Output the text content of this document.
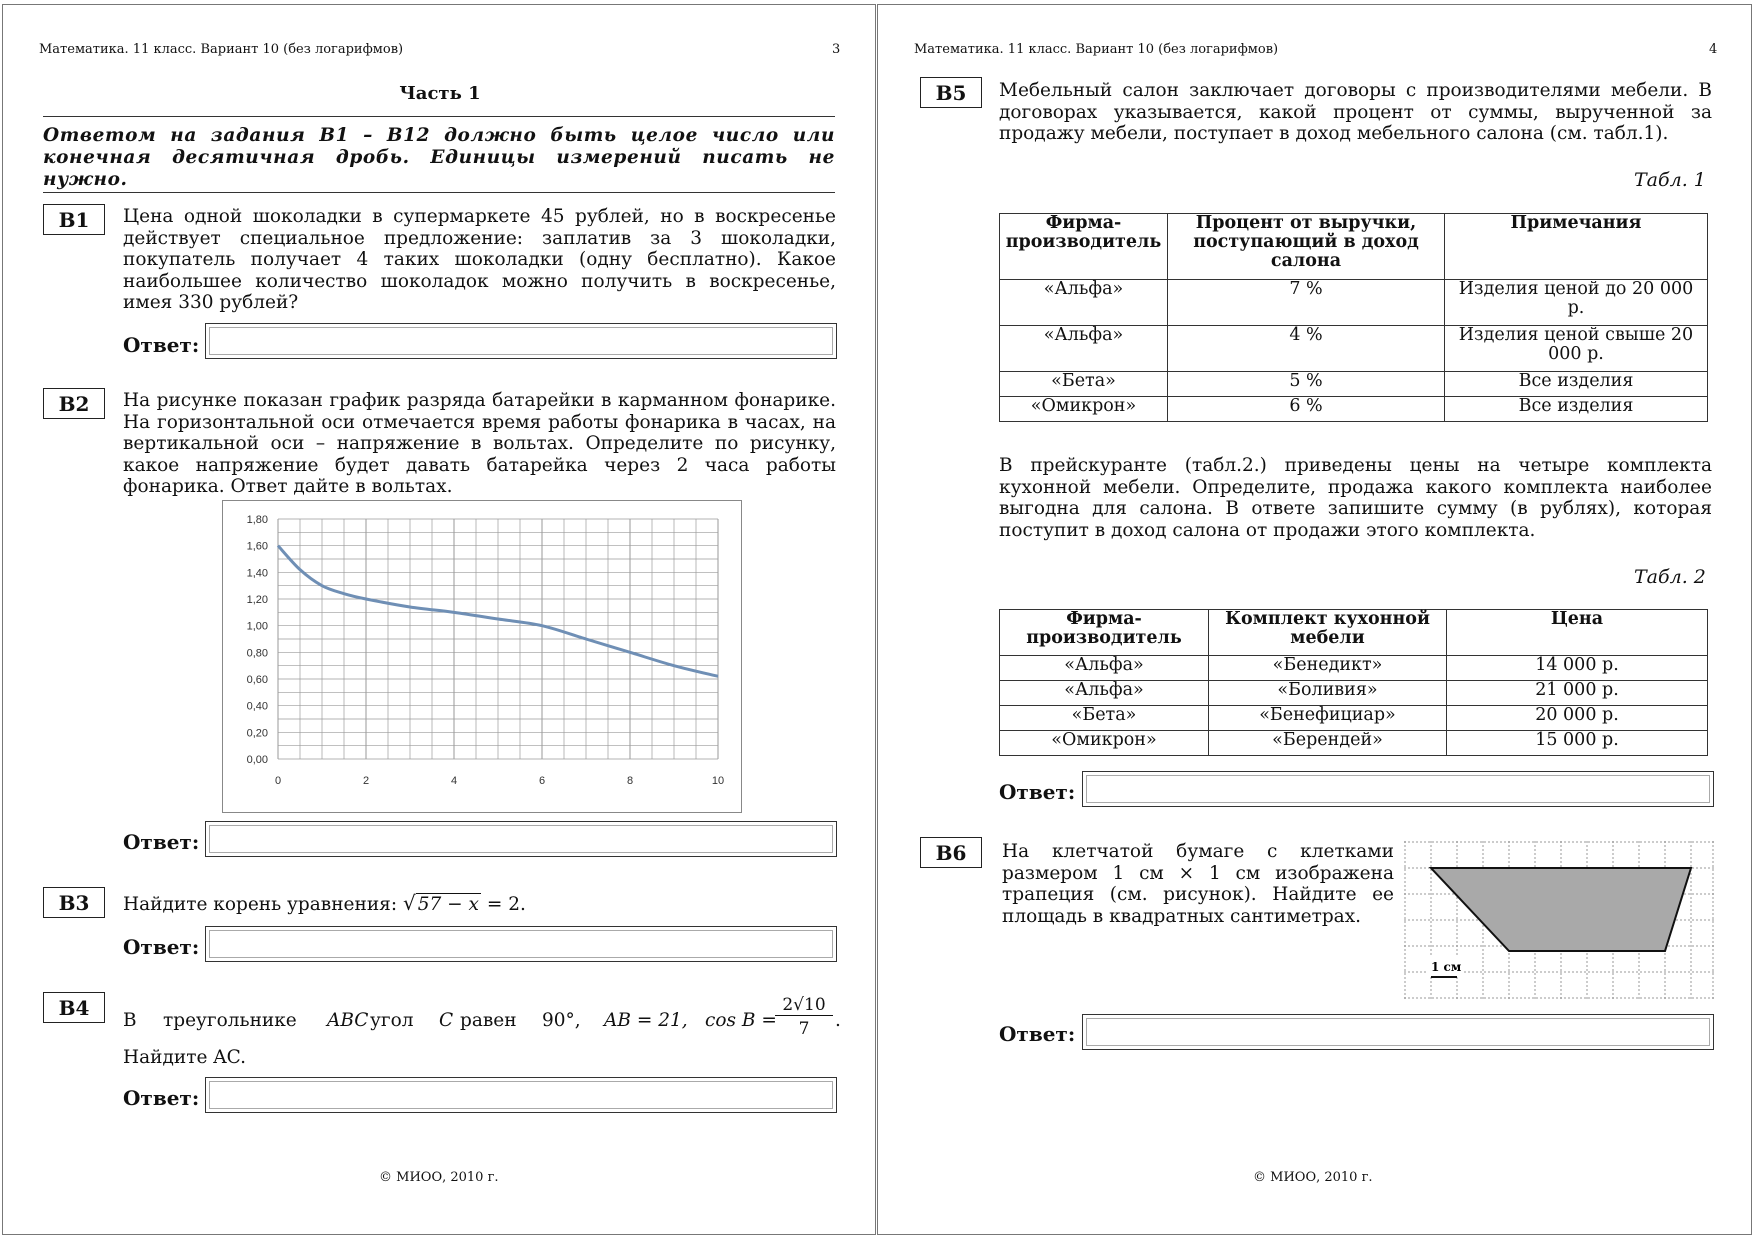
Математика. 11 класс. Вариант 10 (без логарифмов)	3
Часть 1
Ответом на задания В1 – В12 должно быть целое число или конечная десятичная дробь. Единицы измерений писать не нужно.
B1	Цена одной шоколадки в супермаркете 45 рублей, но в воскресенье действует специальное предложение: заплатив за 3 шоколадки, покупатель получает 4 таких шоколадки (одну бесплатно). Какое наибольшее количество шоколадок можно получить в воскресенье, имея 330 рублей?
Ответ:
B2	На рисунке показан график разряда батарейки в карманном фонарике. На горизонтальной оси отмечается время работы фонарика в часах, на вертикальной оси – напряжение в вольтах. Определите по рисунку, какое напряжение будет давать батарейка через 2 часа работы фонарика. Ответ дайте в вольтах.
0,00
0,20
0,40
0,60
0,80
1,00
1,20
1,40
1,60
1,80
0	2	4	6	8	10
Ответ:
B3	Найдите корень уравнения: √ 57 − x = 2.
Ответ:
B4
В треугольнике ABC угол C равен 90°, AB = 21, cos B =
2√10
7	.
Найдите AC.
Ответ:
© МИОО, 2010 г.
Математика. 11 класс. Вариант 10 (без логарифмов)	4
B5	Мебельный салон заключает договоры с производителями мебели. В договорах указывается, какой процент от суммы, вырученной за продажу мебели, поступает в доход мебельного салона (см. табл.1).
Табл. 1
Фирма-производитель	Процент от выручки, поступающий в доход салона	Примечания
«Альфа»	7 %	Изделия ценой до 20 000 р.
«Альфа»	4 %	Изделия ценой свыше 20 000 р.
«Бета»	5 %	Все изделия
«Омикрон»	6 %	Все изделия
В прейскуранте (табл.2.) приведены цены на четыре комплекта кухонной мебели. Определите, продажа какого комплекта наиболее выгодна для салона. В ответе запишите сумму (в рублях), которая поступит в доход салона от продажи этого комплекта.
Табл. 2
Фирма-производитель	Комплект кухонной мебели	Цена
«Альфа»	«Бенедикт»	14 000 р.
«Альфа»	«Боливия»	21 000 р.
«Бета»	«Бенефициар»	20 000 р.
«Омикрон»	«Берендей»	15 000 р.
Ответ:
B6	На клетчатой бумаге с клетками размером 1 см × 1 см изображена трапеция (см. рисунок). Найдите ее площадь в квадратных сантиметрах.
1 см
Ответ:
© МИОО, 2010 г.
